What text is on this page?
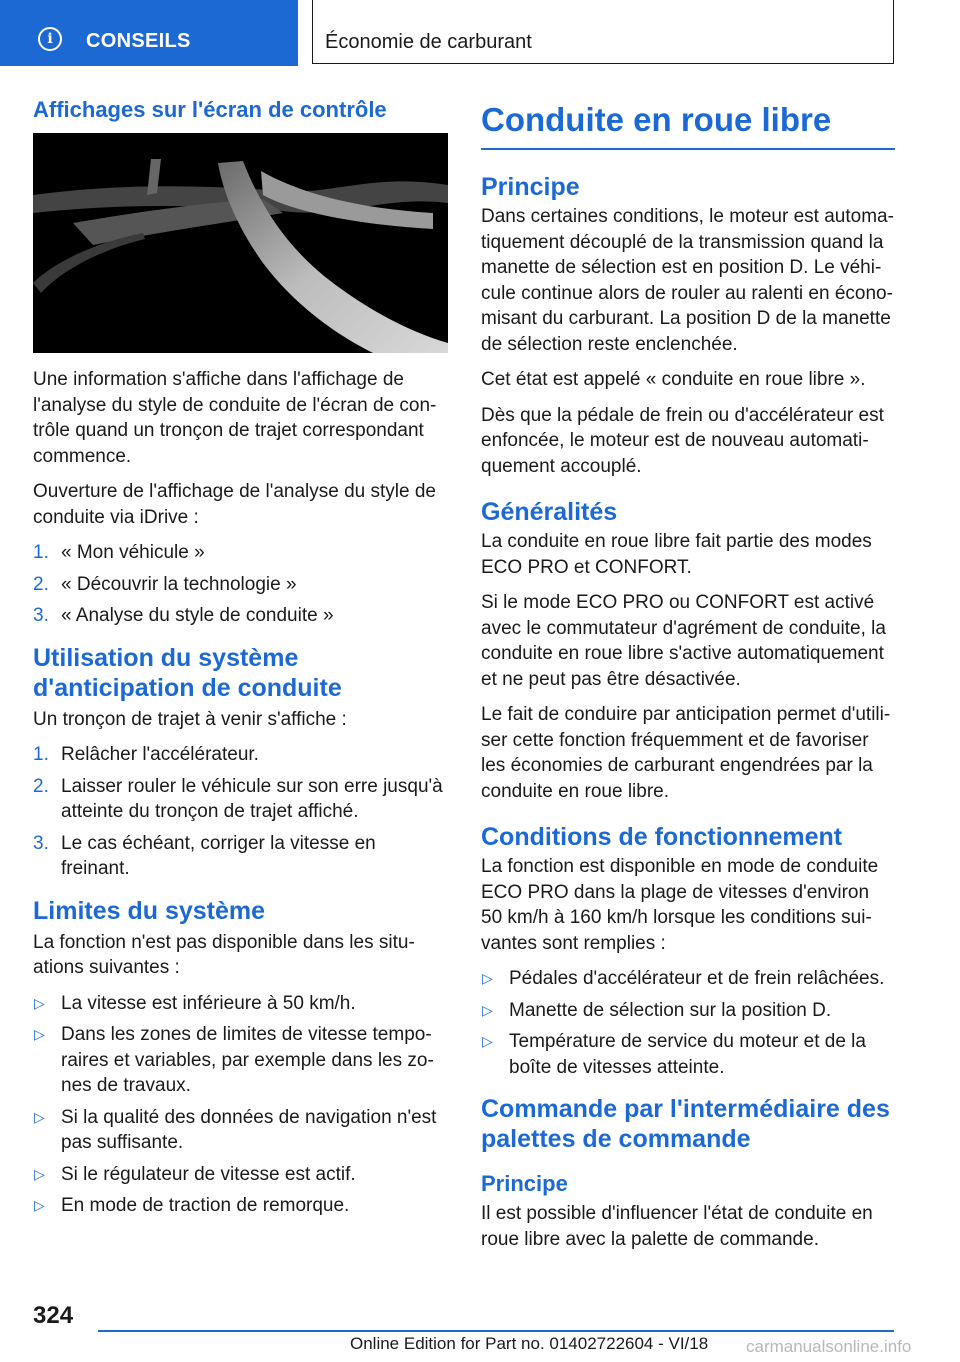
i	CONSEILS	Économie de carburant
Affichages sur l'écran de contrôle

Une information s'affiche dans l'affichage de l'analyse du style de conduite de l'écran de contrôle quand un tronçon de trajet correspondant commence.

Ouverture de l'affichage de l'analyse du style de conduite via iDrive :

1. « Mon véhicule »
2. « Découvrir la technologie »
3. « Analyse du style de conduite »
Utilisation du système d'anticipation de conduite

Un tronçon de trajet à venir s'affiche :

1. Relâcher l'accélérateur.
2. Laisser rouler le véhicule sur son erre jusqu'à atteinte du tronçon de trajet affiché.
3. Le cas échéant, corriger la vitesse en freinant.
Limites du système

La fonction n'est pas disponible dans les situations suivantes :

▷ La vitesse est inférieure à 50 km/h.
▷ Dans les zones de limites de vitesse temporaires et variables, par exemple dans les zones de travaux.
▷ Si la qualité des données de navigation n'est pas suffisante.
▷ Si le régulateur de vitesse est actif.
▷ En mode de traction de remorque.
Conduite en roue libre
Principe

Dans certaines conditions, le moteur est automatiquement découplé de la transmission quand la manette de sélection est en position D. Le véhicule continue alors de rouler au ralenti en économisant du carburant. La position D de la manette de sélection reste enclenchée.

Cet état est appelé « conduite en roue libre ».

Dès que la pédale de frein ou d'accélérateur est enfoncée, le moteur est de nouveau automatiquement accouplé.

Généralités

La conduite en roue libre fait partie des modes ECO PRO et CONFORT.

Si le mode ECO PRO ou CONFORT est activé avec le commutateur d'agrément de conduite, la conduite en roue libre s'active automatiquement et ne peut pas être désactivée.

Le fait de conduire par anticipation permet d'utiliser cette fonction fréquemment et de favoriser les économies de carburant engendrées par la conduite en roue libre.

Conditions de fonctionnement

La fonction est disponible en mode de conduite ECO PRO dans la plage de vitesses d'environ 50 km/h à 160 km/h lorsque les conditions suivantes sont remplies :

▷ Pédales d'accélérateur et de frein relâchées.
▷ Manette de sélection sur la position D.
▷ Température de service du moteur et de la boîte de vitesses atteinte.
Commande par l'intermédiaire des palettes de commande
Principe

Il est possible d'influencer l'état de conduite en roue libre avec la palette de commande.

324
Online Edition for Part no. 01402722604 - VI/18 carmanualsonline.info
